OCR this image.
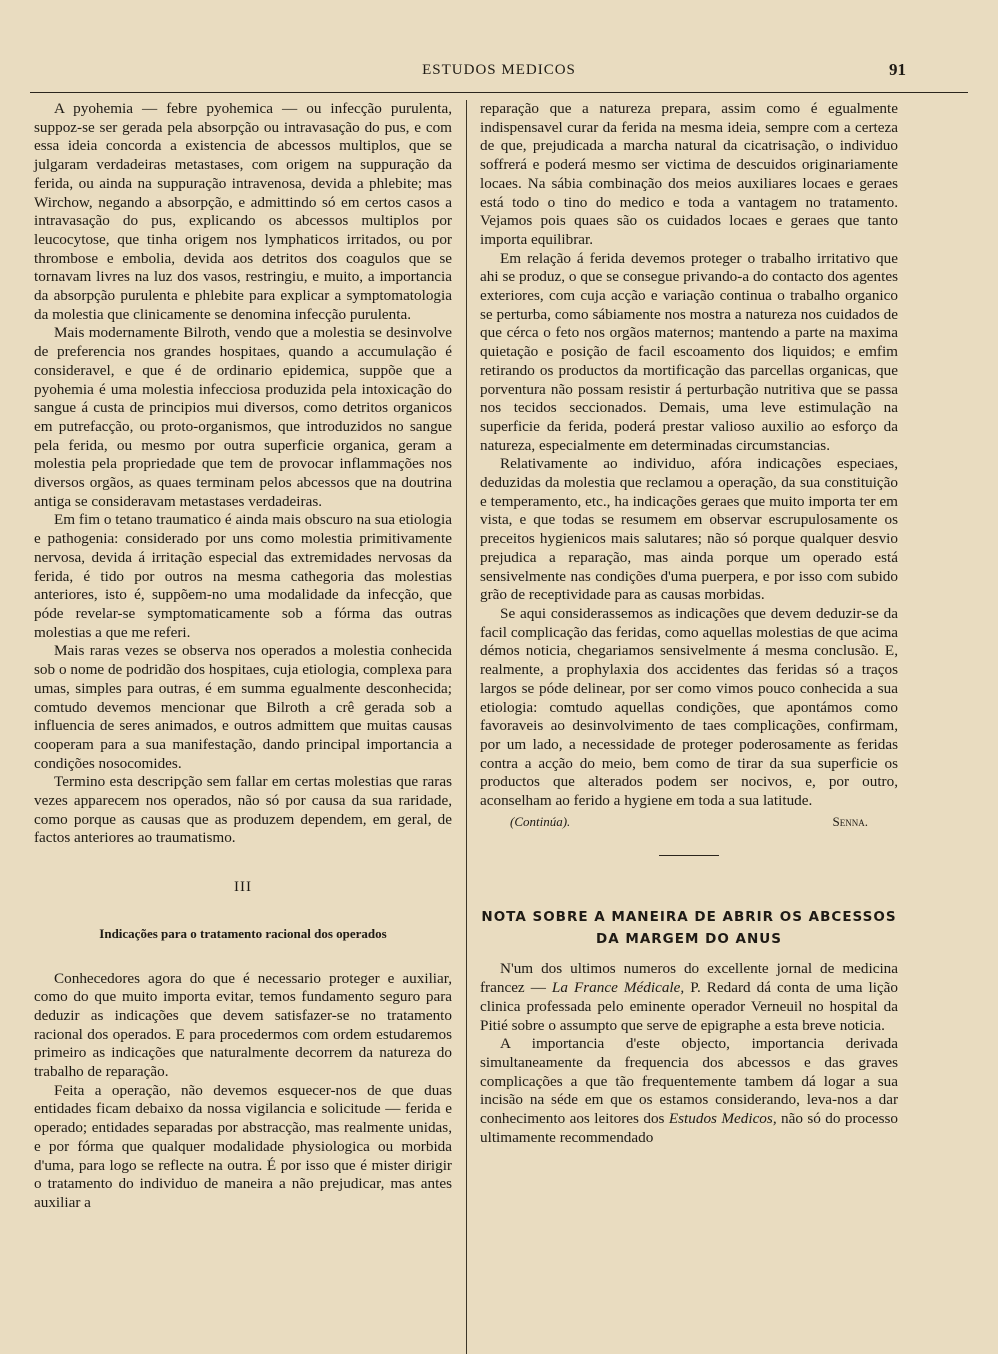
ESTUDOS MEDICOS	91

A pyohemia — febre pyohemica — ou infecção purulenta, suppoz-se ser gerada pela absorpção ou intravasação do pus, e com essa ideia concorda a existencia de abcessos multiplos, que se julgaram verdadeiras metastases, com origem na suppuração da ferida, ou ainda na suppuração intravenosa, devida a phlebite; mas Wirchow, negando a absorpção, e admittindo só em certos casos a intravasação do pus, explicando os abcessos multiplos por leucocytose, que tinha origem nos lymphaticos irritados, ou por thrombose e embolia, devida aos detritos dos coagulos que se tornavam livres na luz dos vasos, restringiu, e muito, a importancia da absorpção purulenta e phlebite para explicar a symptomatologia da molestia que clinicamente se denomina infecção purulenta.

Mais modernamente Bilroth, vendo que a molestia se desinvolve de preferencia nos grandes hospitaes, quando a accumulação é consideravel, e que é de ordinario epidemica, suppõe que a pyohemia é uma molestia infecciosa produzida pela intoxicação do sangue á custa de principios mui diversos, como detritos organicos em putrefacção, ou proto-organismos, que introduzidos no sangue pela ferida, ou mesmo por outra superficie organica, geram a molestia pela propriedade que tem de provocar inflammações nos diversos orgãos, as quaes terminam pelos abcessos que na doutrina antiga se consideravam metastases verdadeiras.

Em fim o tetano traumatico é ainda mais obscuro na sua etiologia e pathogenia: considerado por uns como molestia primitivamente nervosa, devida á irritação especial das extremidades nervosas da ferida, é tido por outros na mesma cathegoria das molestias anteriores, isto é, suppõem-no uma modalidade da infecção, que póde revelar-se symptomaticamente sob a fórma das outras molestias a que me referi.

Mais raras vezes se observa nos operados a molestia conhecida sob o nome de podridão dos hospitaes, cuja etiologia, complexa para umas, simples para outras, é em summa egualmente desconhecida; comtudo devemos mencionar que Bilroth a crê gerada sob a influencia de seres animados, e outros admittem que muitas causas cooperam para a sua manifestação, dando principal importancia a condições nosocomides.

Termino esta descripção sem fallar em certas molestias que raras vezes apparecem nos operados, não só por causa da sua raridade, como porque as causas que as produzem dependem, em geral, de factos anteriores ao traumatismo.

III
Indicações para o tratamento racional dos operados

Conhecedores agora do que é necessario proteger e auxiliar, como do que muito importa evitar, temos fundamento seguro para deduzir as indicações que devem satisfazer-se no tratamento racional dos operados. E para procedermos com ordem estudaremos primeiro as indicações que naturalmente decorrem da natureza do trabalho de reparação.

Feita a operação, não devemos esquecer-nos de que duas entidades ficam debaixo da nossa vigilancia e solicitude — ferida e operado; entidades separadas por abstracção, mas realmente unidas, e por fórma que qualquer modalidade physiologica ou morbida d'uma, para logo se reflecte na outra. É por isso que é mister dirigir o tratamento do individuo de maneira a não prejudicar, mas antes auxiliar a

reparação que a natureza prepara, assim como é egualmente indispensavel curar da ferida na mesma ideia, sempre com a certeza de que, prejudicada a marcha natural da cicatrisação, o individuo soffrerá e poderá mesmo ser victima de descuidos originariamente locaes. Na sábia combinação dos meios auxiliares locaes e geraes está todo o tino do medico e toda a vantagem no tratamento. Vejamos pois quaes são os cuidados locaes e geraes que tanto importa equilibrar.

Em relação á ferida devemos proteger o trabalho irritativo que ahi se produz, o que se consegue privando-a do contacto dos agentes exteriores, com cuja acção e variação continua o trabalho organico se perturba, como sábiamente nos mostra a natureza nos cuidados de que cérca o feto nos orgãos maternos; mantendo a parte na maxima quietação e posição de facil escoamento dos liquidos; e emfim retirando os productos da mortificação das parcellas organicas, que porventura não possam resistir á perturbação nutritiva que se passa nos tecidos seccionados. Demais, uma leve estimulação na superficie da ferida, poderá prestar valioso auxilio ao esforço da natureza, especialmente em determinadas circumstancias.

Relativamente ao individuo, afóra indicações especiaes, deduzidas da molestia que reclamou a operação, da sua constituição e temperamento, etc., ha indicações geraes que muito importa ter em vista, e que todas se resumem em observar escrupulosamente os preceitos hygienicos mais salutares; não só porque qualquer desvio prejudica a reparação, mas ainda porque um operado está sensivelmente nas condições d'uma puerpera, e por isso com subido grão de receptividade para as causas morbidas.

Se aqui considerassemos as indicações que devem deduzir-se da facil complicação das feridas, como aquellas molestias de que acima démos noticia, chegariamos sensivelmente á mesma conclusão. E, realmente, a prophylaxia dos accidentes das feridas só a traços largos se póde delinear, por ser como vimos pouco conhecida a sua etiologia: comtudo aquellas condições, que apontámos como favoraveis ao desinvolvimento de taes complicações, confirmam, por um lado, a necessidade de proteger poderosamente as feridas contra a acção do meio, bem como de tirar da sua superficie os productos que alterados podem ser nocivos, e, por outro, aconselham ao ferido a hygiene em toda a sua latitude.

(Continúa).	Senna.
NOTA SOBRE A MANEIRA DE ABRIR OS ABCESSOS
DA MARGEM DO ANUS

N'um dos ultimos numeros do excellente jornal de medicina francez — La France Médicale, P. Redard dá conta de uma lição clinica professada pelo eminente operador Verneuil no hospital da Pitié sobre o assumpto que serve de epigraphe a esta breve noticia.

A importancia d'este objecto, importancia derivada simultaneamente da frequencia dos abcessos e das graves complicações a que tão frequentemente tambem dá logar a sua incisão na séde em que os estamos considerando, leva-nos a dar conhecimento aos leitores dos Estudos Medicos, não só do processo ultimamente recommendado
